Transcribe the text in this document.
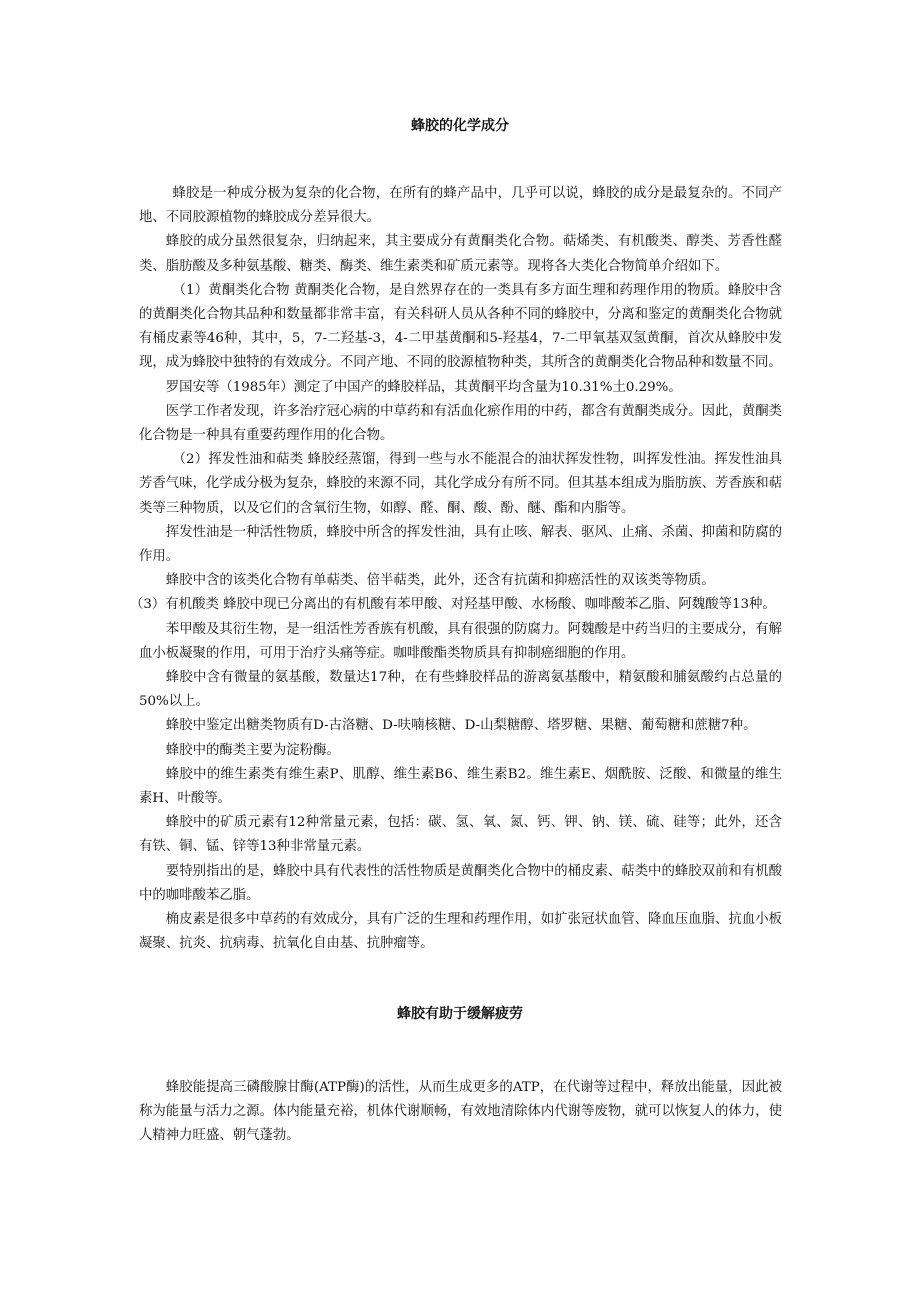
蜂胶的化学成分

蜂胶是一种成分极为复杂的化合物，在所有的蜂产品中，几乎可以说，蜂胶的成分是最复杂的。不同产地、不同胶源植物的蜂胶成分差异很大。

蜂胶的成分虽然很复杂，归纳起来，其主要成分有黄酮类化合物。萜烯类、有机酸类、醇类、芳香性醛类、脂肪酸及多种氨基酸、糖类、酶类、维生素类和矿质元素等。现将各大类化合物简单介绍如下。

（1）黄酮类化合物 黄酮类化合物，是自然界存在的一类具有多方面生理和药理作用的物质。蜂胶中含的黄酮类化合物其品种和数量都非常丰富，有关科研人员从各种不同的蜂胶中，分离和鉴定的黄酮类化合物就有桶皮素等46种，其中，5，7-二羟基-3，4-二甲基黄酮和5-羟基4，7-二甲氧基双氢黄酮，首次从蜂胶中发现，成为蜂胶中独特的有效成分。不同产地、不同的胶源植物种类，其所含的黄酮类化合物品种和数量不同。

罗国安等（1985年）测定了中国产的蜂胶样品，其黄酮平均含量为10.31%土0.29%。

医学工作者发现，许多治疗冠心病的中草药和有活血化瘀作用的中药，都含有黄酮类成分。因此，黄酮类化合物是一种具有重要药理作用的化合物。

（2）挥发性油和萜类 蜂胶经蒸馏，得到一些与水不能混合的油状挥发性物，叫挥发性油。挥发性油具芳香气味，化学成分极为复杂，蜂胶的来源不同，其化学成分有所不同。但其基本组成为脂肪族、芳香族和萜类等三种物质，以及它们的含氧衍生物，如醇、醛、酮、酸、酚、醚、酯和内脂等。

挥发性油是一种活性物质，蜂胶中所含的挥发性油，具有止咳、解表、驱风、止痛、杀菌、抑菌和防腐的作用。

蜂胶中含的该类化合物有单萜类、倍半萜类，此外，还含有抗菌和抑癌活性的双该类等物质。

（3）有机酸类 蜂胶中现已分离出的有机酸有苯甲酸、对羟基甲酸、水杨酸、咖啡酸苯乙脂、阿魏酸等13种。

苯甲酸及其衍生物，是一组活性芳香族有机酸，具有很强的防腐力。阿魏酸是中药当归的主要成分，有解血小板凝聚的作用，可用于治疗头痛等症。咖啡酸酯类物质具有抑制癌细胞的作用。

蜂胶中含有微量的氨基酸，数量达17种，在有些蜂胶样品的游离氨基酸中，精氨酸和脯氨酸约占总量的50%以上。

蜂胶中鉴定出糖类物质有D-古洛糖、D-呋喃核糖、D-山梨糖醇、塔罗糖、果糖、葡萄糖和蔗糖7种。

蜂胶中的酶类主要为淀粉酶。

蜂胶中的维生素类有维生素P、肌醇、维生素B6、维生素B2。维生素E、烟酰胺、泛酸、和微量的维生素H、叶酸等。

蜂胶中的矿质元素有12种常量元素，包括：碳、氢、氧、氮、钙、钾、钠、镁、硫、硅等；此外，还含有铁、铜、锰、锌等13种非常量元素。

要特别指出的是，蜂胶中具有代表性的活性物质是黄酮类化合物中的桶皮素、萜类中的蜂胶双前和有机酸中的咖啡酸苯乙脂。

桷皮素是很多中草药的有效成分，具有广泛的生理和药理作用，如扩张冠状血管、降血压血脂、抗血小板凝聚、抗炎、抗病毒、抗氧化自由基、抗肿瘤等。

蜂胶有助于缓解疲劳

蜂胶能提高三磷酸腺甘酶(ATP酶)的活性，从而生成更多的ATP，在代谢等过程中，释放出能量，因此被称为能量与活力之源。体内能量充裕，机体代谢顺畅，有效地清除体内代谢等废物，就可以恢复人的体力，使人精神力旺盛、朝气蓬勃。
